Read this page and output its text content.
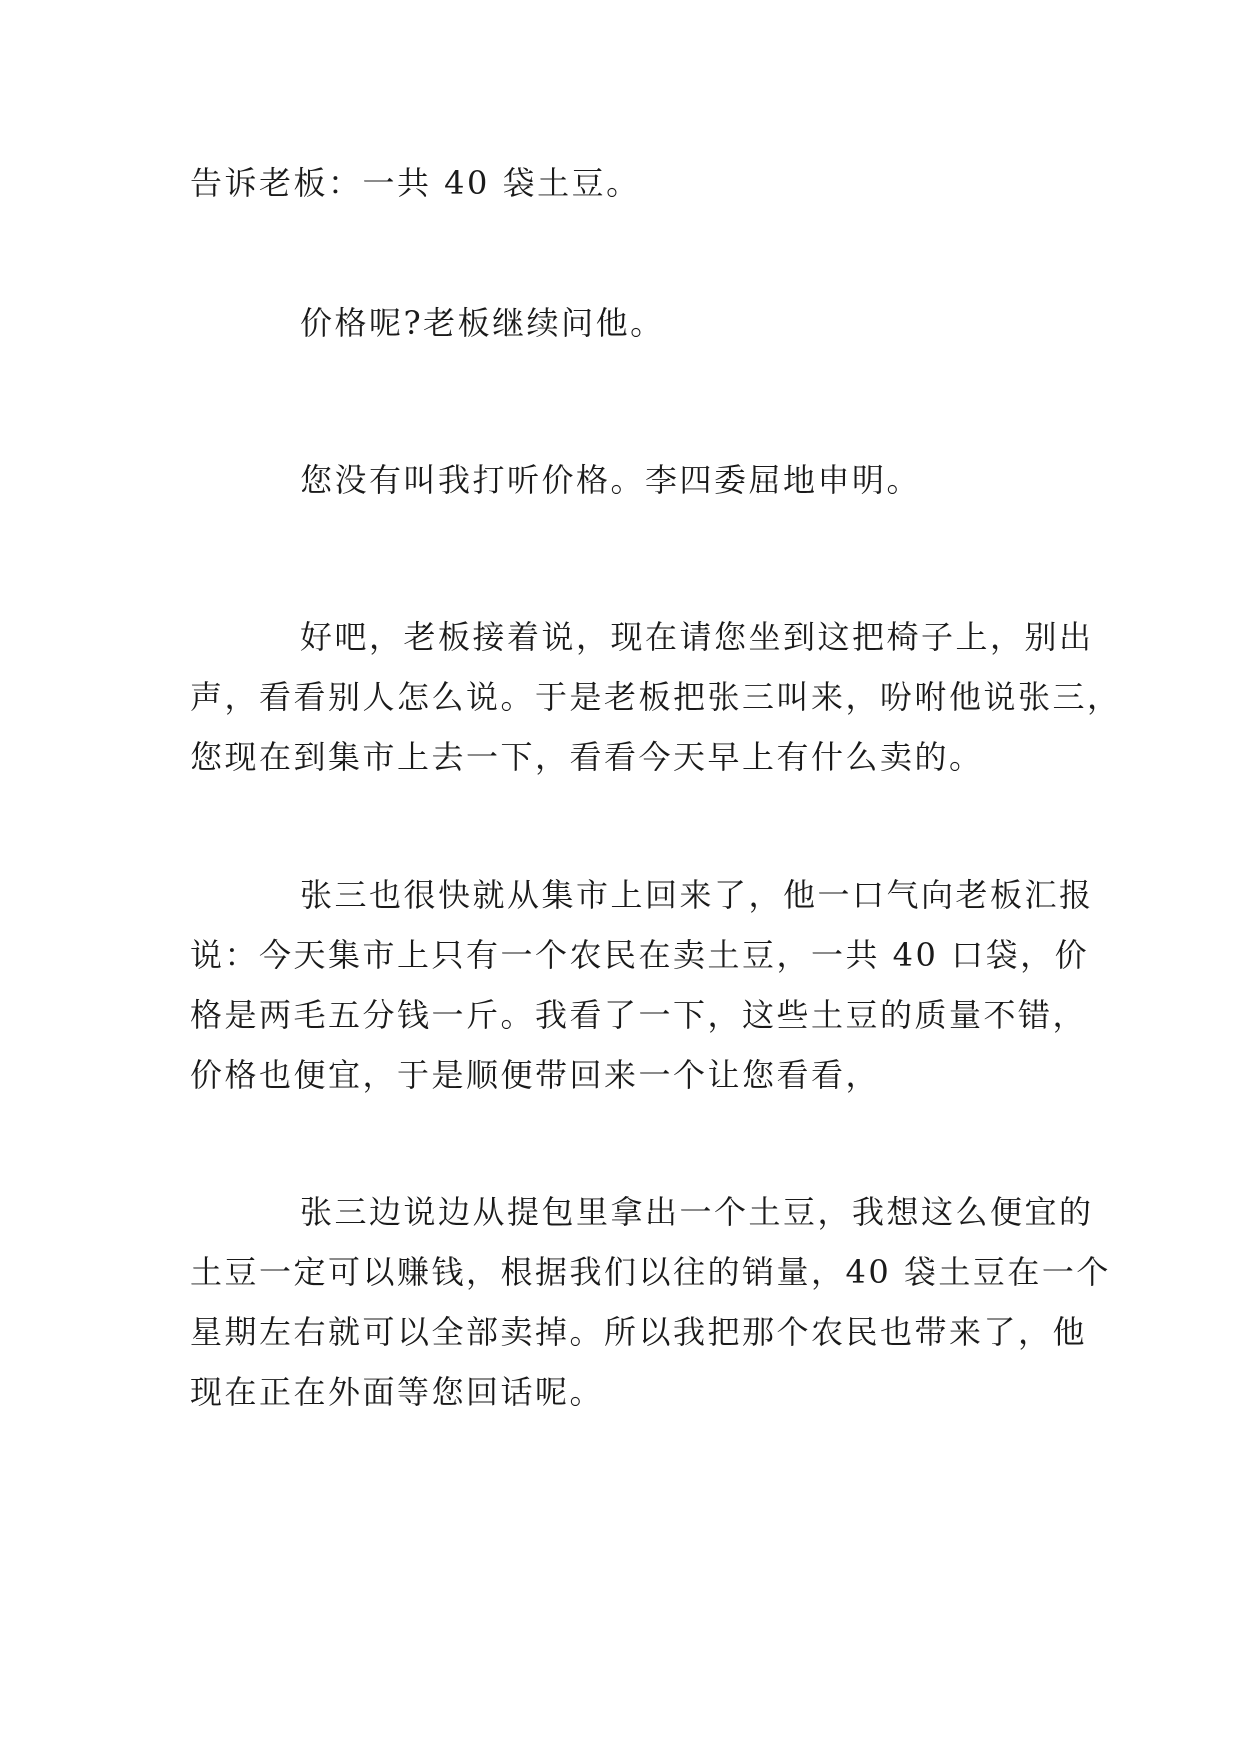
告诉老板：一共 40 袋土豆。

价格呢?老板继续问他。

您没有叫我打听价格。李四委屈地申明。

好吧，老板接着说，现在请您坐到这把椅子上，别出
声，看看别人怎么说。于是老板把张三叫来，吩咐他说张三，
您现在到集市上去一下，看看今天早上有什么卖的。

张三也很快就从集市上回来了，他一口气向老板汇报
说：今天集市上只有一个农民在卖土豆，一共 40 口袋，价
格是两毛五分钱一斤。我看了一下，这些土豆的质量不错，
价格也便宜，于是顺便带回来一个让您看看，

张三边说边从提包里拿出一个土豆，我想这么便宜的
土豆一定可以赚钱，根据我们以往的销量，40 袋土豆在一个
星期左右就可以全部卖掉。所以我把那个农民也带来了，他
现在正在外面等您回话呢。
